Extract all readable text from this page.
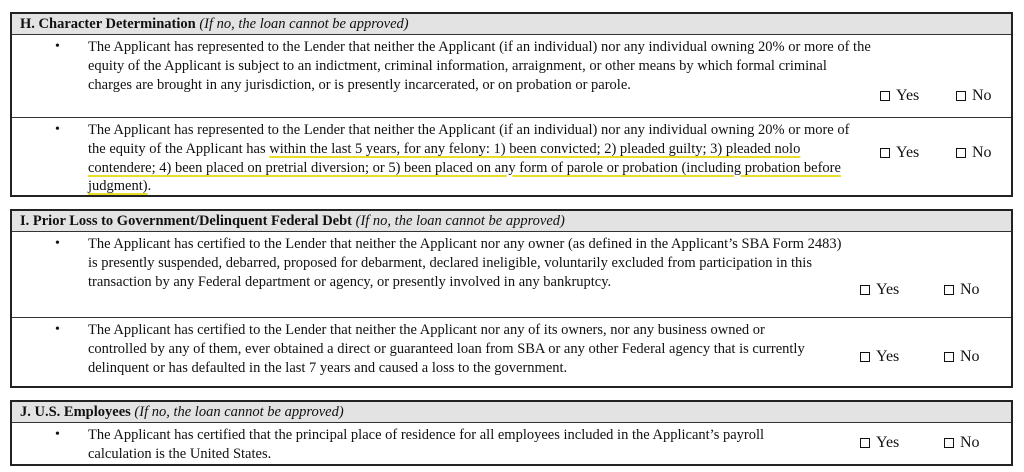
H. Character Determination (If no, the loan cannot be approved)
• The Applicant has represented to the Lender that neither the Applicant (if an individual) nor any individual owning 20% or more of the equity of the Applicant is subject to an indictment, criminal information, arraignment, or other means by which formal criminal charges are brought in any jurisdiction, or is presently incarcerated, or on probation or parole.
Yes	No
• The Applicant has represented to the Lender that neither the Applicant (if an individual) nor any individual owning 20% or more of the equity of the Applicant has within the last 5 years, for any felony: 1) been convicted; 2) pleaded guilty; 3) pleaded nolo contendere; 4) been placed on pretrial diversion; or 5) been placed on any form of parole or probation (including probation before judgment).
Yes	No
I. Prior Loss to Government/Delinquent Federal Debt (If no, the loan cannot be approved)
• The Applicant has certified to the Lender that neither the Applicant nor any owner (as defined in the Applicant’s SBA Form 2483) is presently suspended, debarred, proposed for debarment, declared ineligible, voluntarily excluded from participation in this transaction by any Federal department or agency, or presently involved in any bankruptcy.	Yes	No
• The Applicant has certified to the Lender that neither the Applicant nor any of its owners, nor any business owned or controlled by any of them, ever obtained a direct or guaranteed loan from SBA or any other Federal agency that is currently delinquent or has defaulted in the last 7 years and caused a loss to the government.
Yes	No
J. U.S. Employees (If no, the loan cannot be approved)
• The Applicant has certified that the principal place of residence for all employees included in the Applicant’s payroll calculation is the United States.
Yes	No
